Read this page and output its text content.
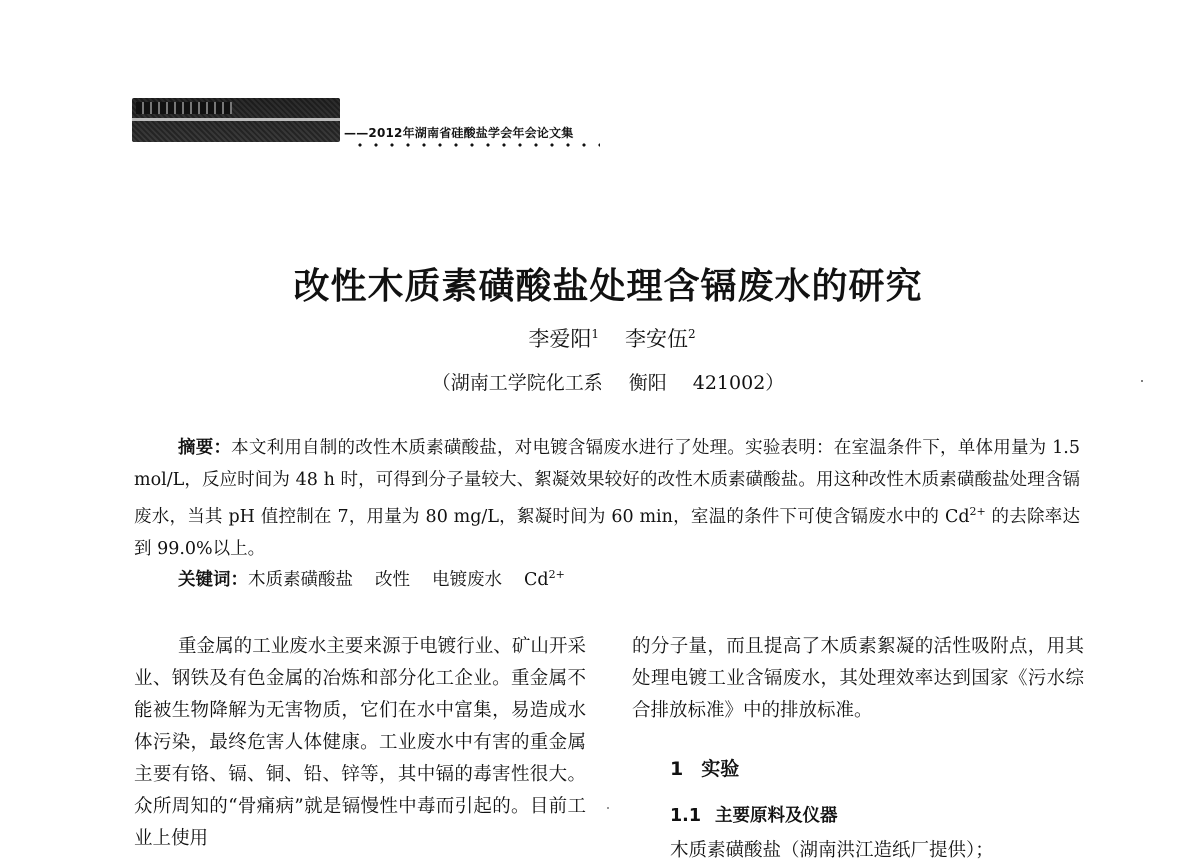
——2012年湖南省硅酸盐学会年会论文集
改性木质素磺酸盐处理含镉废水的研究
李爱阳$^1$ 李安伍$^2$
（湖南工学院化工系 衡阳 421002）
摘要：本文利用自制的改性木质素磺酸盐，对电镀含镉废水进行了处理。实验表明：在室温条件下，单体用量为 1.5 mol/L，反应时间为 48 h 时，可得到分子量较大、絮凝效果较好的改性木质素磺酸盐。用这种改性木质素磺酸盐处理含镉废水，当其 pH 值控制在 7，用量为 80 mg/L，絮凝时间为 60 min，室温的条件下可使含镉废水中的 $Cd^{2+}$ 的去除率达到 99.0%以上。
关键词：木质素磺酸盐 改性 电镀废水 $Cd^{2+}$
重金属的工业废水主要来源于电镀行业、矿山开采业、钢铁及有色金属的冶炼和部分化工企业。重金属不能被生物降解为无害物质，它们在水中富集，易造成水体污染，最终危害人体健康。工业废水中有害的重金属主要有铬、镉、铜、铅、锌等，其中镉的毒害性很大。众所周知的“骨痛病”就是镉慢性中毒而引起的。目前工业上使用
的分子量，而且提高了木质素絮凝的活性吸附点，用其处理电镀工业含镉废水，其处理效率达到国家《污水综合排放标准》中的排放标准。
1 实验
1.1 主要原料及仪器
木质素磺酸盐（湖南洪江造纸厂提供）；
